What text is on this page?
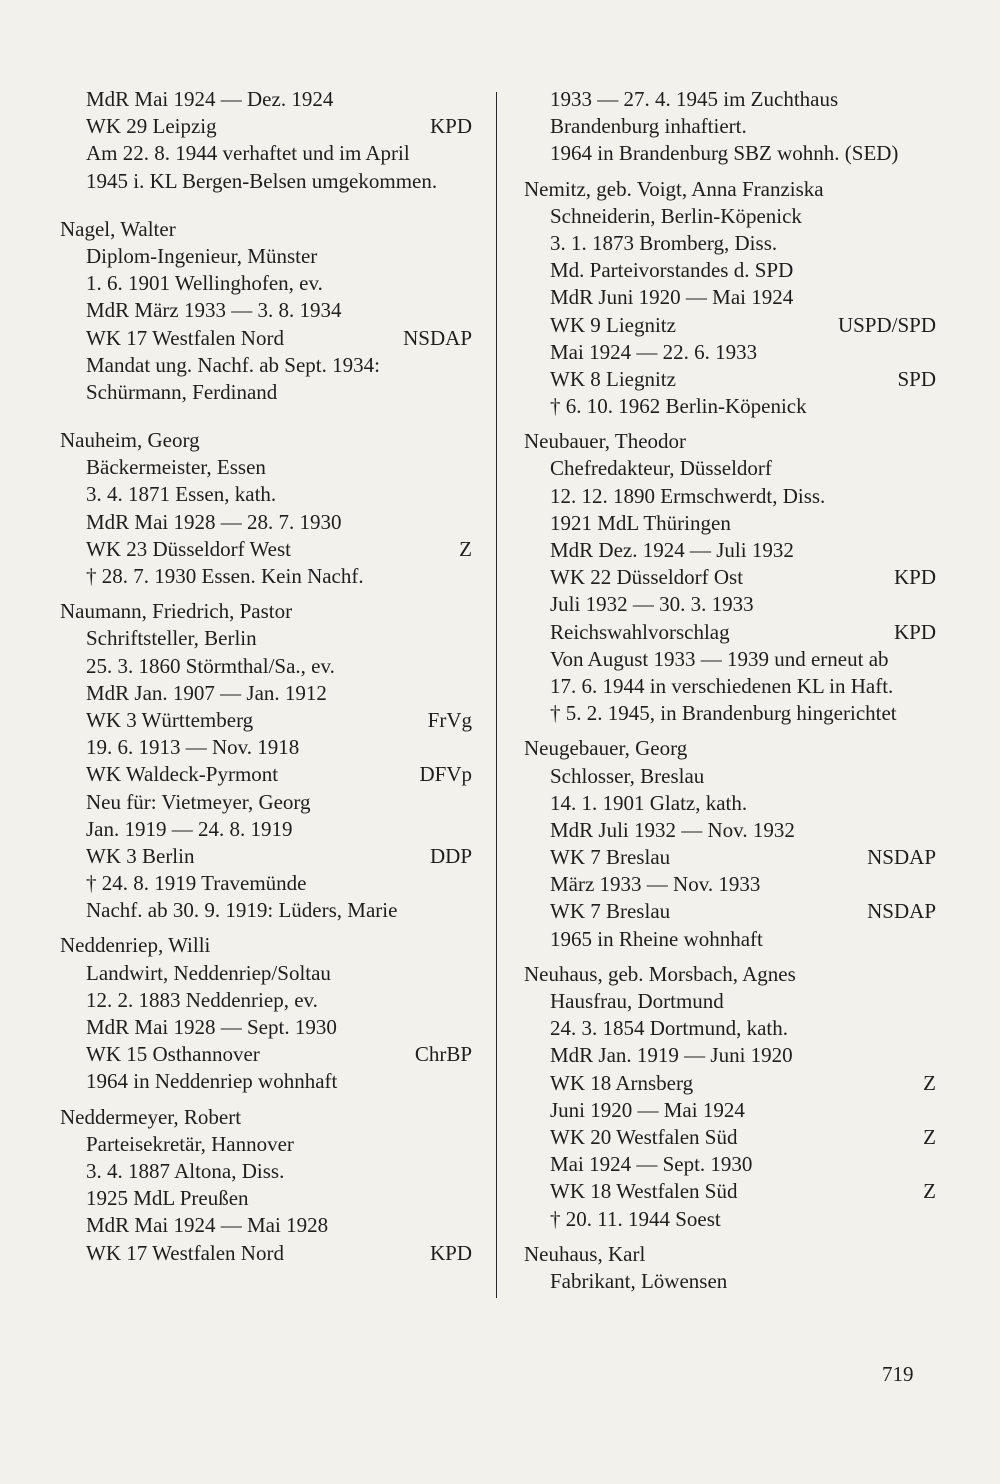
MdR Mai 1924 — Dez. 1924
WK 29 Leipzig	KPD
Am 22. 8. 1944 verhaftet und im April
1945 i. KL Bergen-Belsen umgekommen.
Nagel, Walter
Diplom-Ingenieur, Münster
1. 6. 1901 Wellinghofen, ev.
MdR März 1933 — 3. 8. 1934
WK 17 Westfalen Nord	NSDAP
Mandat ung. Nachf. ab Sept. 1934:
Schürmann, Ferdinand
Nauheim, Georg
Bäckermeister, Essen
3. 4. 1871 Essen, kath.
MdR Mai 1928 — 28. 7. 1930
WK 23 Düsseldorf West	Z
† 28. 7. 1930 Essen. Kein Nachf.
Naumann, Friedrich, Pastor
Schriftsteller, Berlin
25. 3. 1860 Störmthal/Sa., ev.
MdR Jan. 1907 — Jan. 1912
WK 3 Württemberg	FrVg
19. 6. 1913 — Nov. 1918
WK Waldeck-Pyrmont	DFVp
Neu für: Vietmeyer, Georg
Jan. 1919 — 24. 8. 1919
WK 3 Berlin	DDP
† 24. 8. 1919 Travemünde
Nachf. ab 30. 9. 1919: Lüders, Marie
Neddenriep, Willi
Landwirt, Neddenriep/Soltau
12. 2. 1883 Neddenriep, ev.
MdR Mai 1928 — Sept. 1930
WK 15 Osthannover	ChrBP
1964 in Neddenriep wohnhaft
Neddermeyer, Robert
Parteisekretär, Hannover
3. 4. 1887 Altona, Diss.
1925 MdL Preußen
MdR Mai 1924 — Mai 1928
WK 17 Westfalen Nord	KPD
1933 — 27. 4. 1945 im Zuchthaus
Brandenburg inhaftiert.
1964 in Brandenburg SBZ wohnh. (SED)
Nemitz, geb. Voigt, Anna Franziska
Schneiderin, Berlin-Köpenick
3. 1. 1873 Bromberg, Diss.
Md. Parteivorstandes d. SPD
MdR Juni 1920 — Mai 1924
WK 9 Liegnitz	USPD/SPD
Mai 1924 — 22. 6. 1933
WK 8 Liegnitz	SPD
† 6. 10. 1962 Berlin-Köpenick
Neubauer, Theodor
Chefredakteur, Düsseldorf
12. 12. 1890 Ermschwerdt, Diss.
1921 MdL Thüringen
MdR Dez. 1924 — Juli 1932
WK 22 Düsseldorf Ost	KPD
Juli 1932 — 30. 3. 1933
Reichswahlvorschlag	KPD
Von August 1933 — 1939 und erneut ab
17. 6. 1944 in verschiedenen KL in Haft.
† 5. 2. 1945, in Brandenburg hingerichtet
Neugebauer, Georg
Schlosser, Breslau
14. 1. 1901 Glatz, kath.
MdR Juli 1932 — Nov. 1932
WK 7 Breslau	NSDAP
März 1933 — Nov. 1933
WK 7 Breslau	NSDAP
1965 in Rheine wohnhaft
Neuhaus, geb. Morsbach, Agnes
Hausfrau, Dortmund
24. 3. 1854 Dortmund, kath.
MdR Jan. 1919 — Juni 1920
WK 18 Arnsberg	Z
Juni 1920 — Mai 1924
WK 20 Westfalen Süd	Z
Mai 1924 — Sept. 1930
WK 18 Westfalen Süd	Z
† 20. 11. 1944 Soest
Neuhaus, Karl
Fabrikant, Löwensen
719
